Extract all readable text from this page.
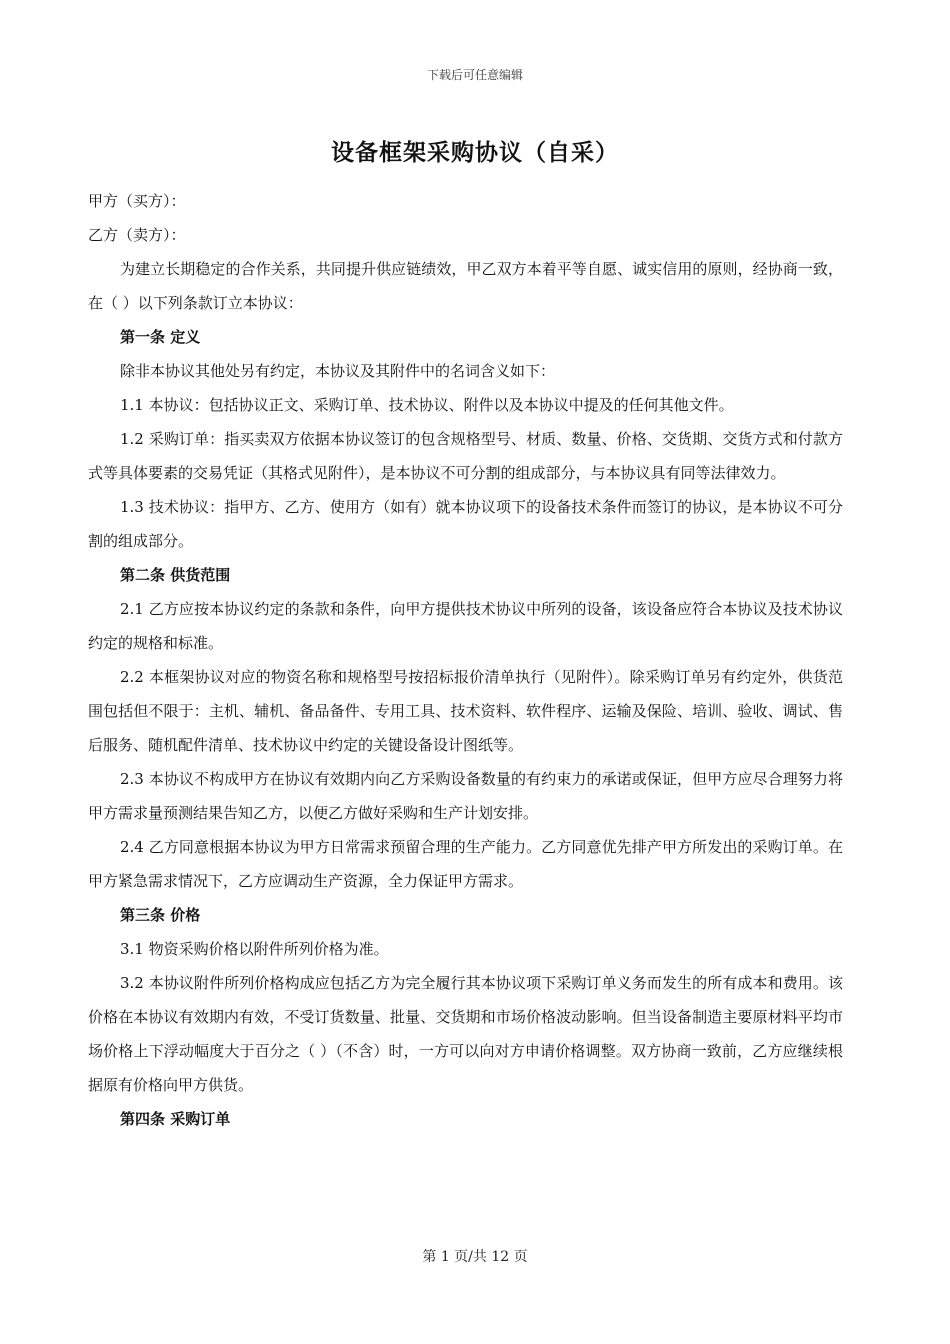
下载后可任意编辑
设备框架采购协议（自采）

甲方（买方）：

乙方（卖方）：

为建立长期稳定的合作关系，共同提升供应链绩效，甲乙双方本着平等自愿、诚实信用的原则，经协商一致，在（ ）以下列条款订立本协议：

第一条 定义

除非本协议其他处另有约定，本协议及其附件中的名词含义如下：

1.1 本协议：包括协议正文、采购订单、技术协议、附件以及本协议中提及的任何其他文件。

1.2 采购订单：指买卖双方依据本协议签订的包含规格型号、材质、数量、价格、交货期、交货方式和付款方式等具体要素的交易凭证（其格式见附件），是本协议不可分割的组成部分，与本协议具有同等法律效力。

1.3 技术协议：指甲方、乙方、使用方（如有）就本协议项下的设备技术条件而签订的协议，是本协议不可分割的组成部分。

第二条 供货范围

2.1 乙方应按本协议约定的条款和条件，向甲方提供技术协议中所列的设备，该设备应符合本协议及技术协议约定的规格和标准。

2.2 本框架协议对应的物资名称和规格型号按招标报价清单执行（见附件）。除采购订单另有约定外，供货范围包括但不限于：主机、辅机、备品备件、专用工具、技术资料、软件程序、运输及保险、培训、验收、调试、售后服务、随机配件清单、技术协议中约定的关键设备设计图纸等。

2.3 本协议不构成甲方在协议有效期内向乙方采购设备数量的有约束力的承诺或保证，但甲方应尽合理努力将甲方需求量预测结果告知乙方，以便乙方做好采购和生产计划安排。

2.4 乙方同意根据本协议为甲方日常需求预留合理的生产能力。乙方同意优先排产甲方所发出的采购订单。在甲方紧急需求情况下，乙方应调动生产资源，全力保证甲方需求。

第三条 价格

3.1 物资采购价格以附件所列价格为准。

3.2 本协议附件所列价格构成应包括乙方为完全履行其本协议项下采购订单义务而发生的所有成本和费用。该价格在本协议有效期内有效，不受订货数量、批量、交货期和市场价格波动影响。但当设备制造主要原材料平均市场价格上下浮动幅度大于百分之（ ）（不含）时，一方可以向对方申请价格调整。双方协商一致前，乙方应继续根据原有价格向甲方供货。

第四条 采购订单

第 1 页/共 12 页
